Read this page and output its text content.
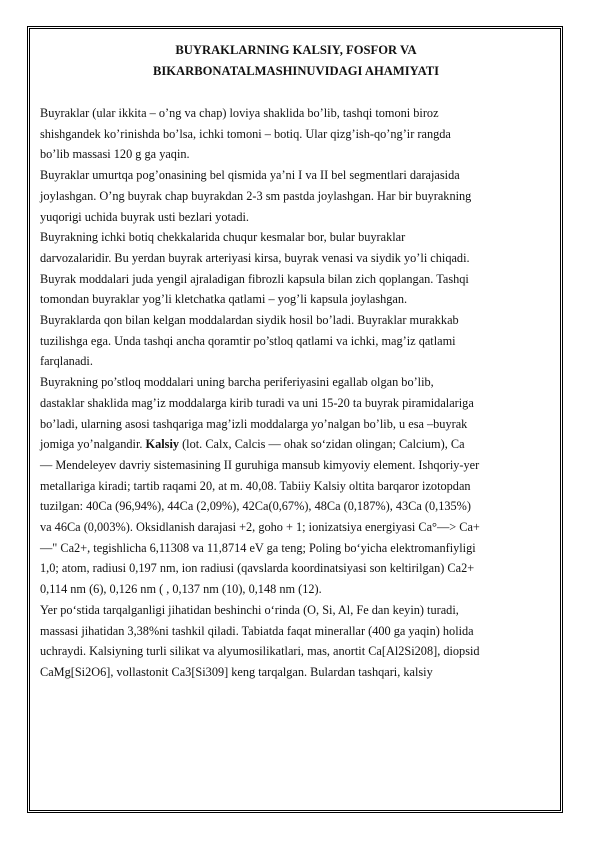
BUYRAKLARNING KALSIY, FOSFOR VA
BIKARBONATALMASHINUVIDAGI AHAMIYATI
Buyraklar (ular ikkita – o’ng va chap) loviya shaklida bo’lib, tashqi tomoni biroz
shishgandek ko’rinishda bo’lsa, ichki tomoni – botiq. Ular qizg’ish-qo’ng’ir rangda
bo’lib massasi 120 g ga yaqin.
Buyraklar umurtqa pog’onasining bel qismida ya’ni I va II bel segmentlari darajasida
joylashgan. O’ng buyrak chap buyrakdan 2-3 sm pastda joylashgan. Har bir buyrakning
yuqorigi uchida buyrak usti bezlari yotadi.
Buyrakning ichki botiq chekkalarida chuqur kesmalar bor, bular buyraklar
darvozalaridir. Bu yerdan buyrak arteriyasi kirsa, buyrak venasi va siydik yo’li chiqadi.
Buyrak moddalari juda yengil ajraladigan fibrozli kapsula bilan zich qoplangan. Tashqi
tomondan buyraklar yog’li kletchatka qatlami – yog’li kapsula joylashgan.
Buyraklarda qon bilan kelgan moddalardan siydik hosil bo’ladi. Buyraklar murakkab
tuzilishga ega. Unda tashqi ancha qoramtir po’stloq qatlami va ichki, mag’iz qatlami
farqlanadi.
Buyrakning po’stloq moddalari uning barcha periferiyasini egallab olgan bo’lib,
dastaklar shaklida mag’iz moddalarga kirib turadi va uni 15-20 ta buyrak piramidalariga
bo’ladi, ularning asosi tashqariga mag’izli moddalarga yo’nalgan bo’lib, u esa –buyrak
jomiga yo’nalgandir. Kalsiy (lot. Calx, Calcis — ohak so‘zidan olingan; Calcium), Ca
— Mendeleyev davriy sistemasining II guruhiga mansub kimyoviy element. Ishqoriy-yer
metallariga kiradi; tartib raqami 20, at m. 40,08. Tabiiy Kalsiy oltita barqaror izotopdan
tuzilgan: 40Ca (96,94%), 44Ca (2,09%), 42Ca(0,67%), 48Ca (0,187%), 43Ca (0,135%)
va 46Ca (0,003%). Oksidlanish darajasi +2, goho + 1; ionizatsiya energiyasi Ca°—> Ca+
—" Ca2+, tegishlicha 6,11308 va 11,8714 eV ga teng; Poling bo‘yicha elektromanfiyligi
1,0; atom, radiusi 0,197 nm, ion radiusi (qavslarda koordinatsiyasi son keltirilgan) Ca2+
0,114 nm (6), 0,126 nm ( , 0,137 nm (10), 0,148 nm (12).
Yer po‘stida tarqalganligi jihatidan beshinchi o‘rinda (O, Si, Al, Fe dan keyin) turadi,
massasi jihatidan 3,38%ni tashkil qiladi. Tabiatda faqat minerallar (400 ga yaqin) holida
uchraydi. Kalsiyning turli silikat va alyumosilikatlari, mas, anortit Ca[Al2Si208], diopsid
CaMg[Si2O6], vollastonit Ca3[Si309] keng tarqalgan. Bulardan tashqari, kalsiy
